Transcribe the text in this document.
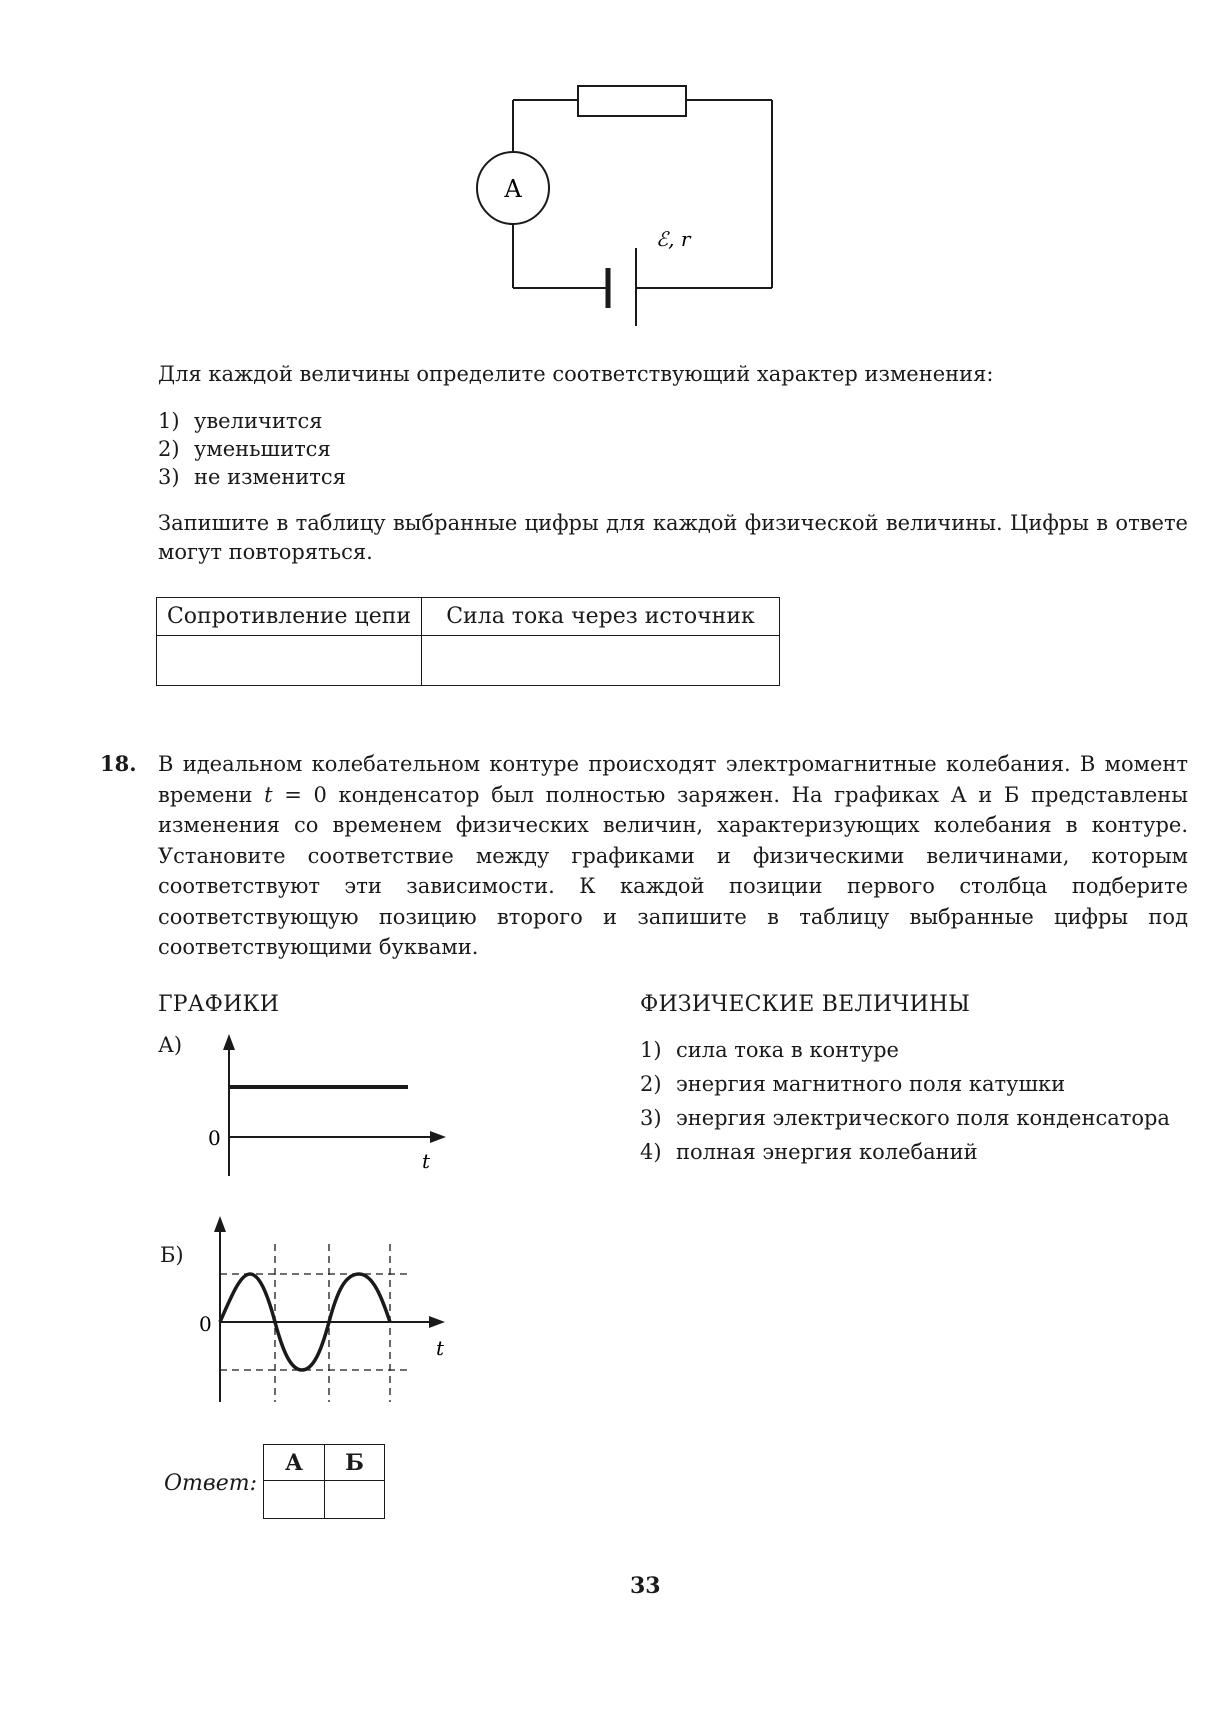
A
ℰ, r
Для каждой величины определите соответствующий характер изменения:
1) увеличится
2) уменьшится
3) не изменится
Запишите в таблицу выбранные цифры для каждой физической величины. Цифры в ответе могут повторяться.
Сопротивление цепи	Сила тока через источник

18. В идеальном колебательном контуре происходят электромагнитные колебания. В момент времени t = 0 конденсатор был полностью заряжен. На графиках А и Б представлены изменения со временем физических величин, характеризующих колебания в контуре. Установите соответствие между графиками и физическими величинами, которым соответствуют эти зависимости. К каждой позиции первого столбца подберите соответствующую позицию второго и запишите в таблицу выбранные цифры под соответствующими буквами.
ГРАФИКИ	ФИЗИЧЕСКИЕ ВЕЛИЧИНЫ
А)
0
t
Б)
0
t
1) сила тока в контуре
2) энергия магнитного поля катушки
3) энергия электрического поля конденсатора
4) полная энергия колебаний
Ответ:
А	Б

33
